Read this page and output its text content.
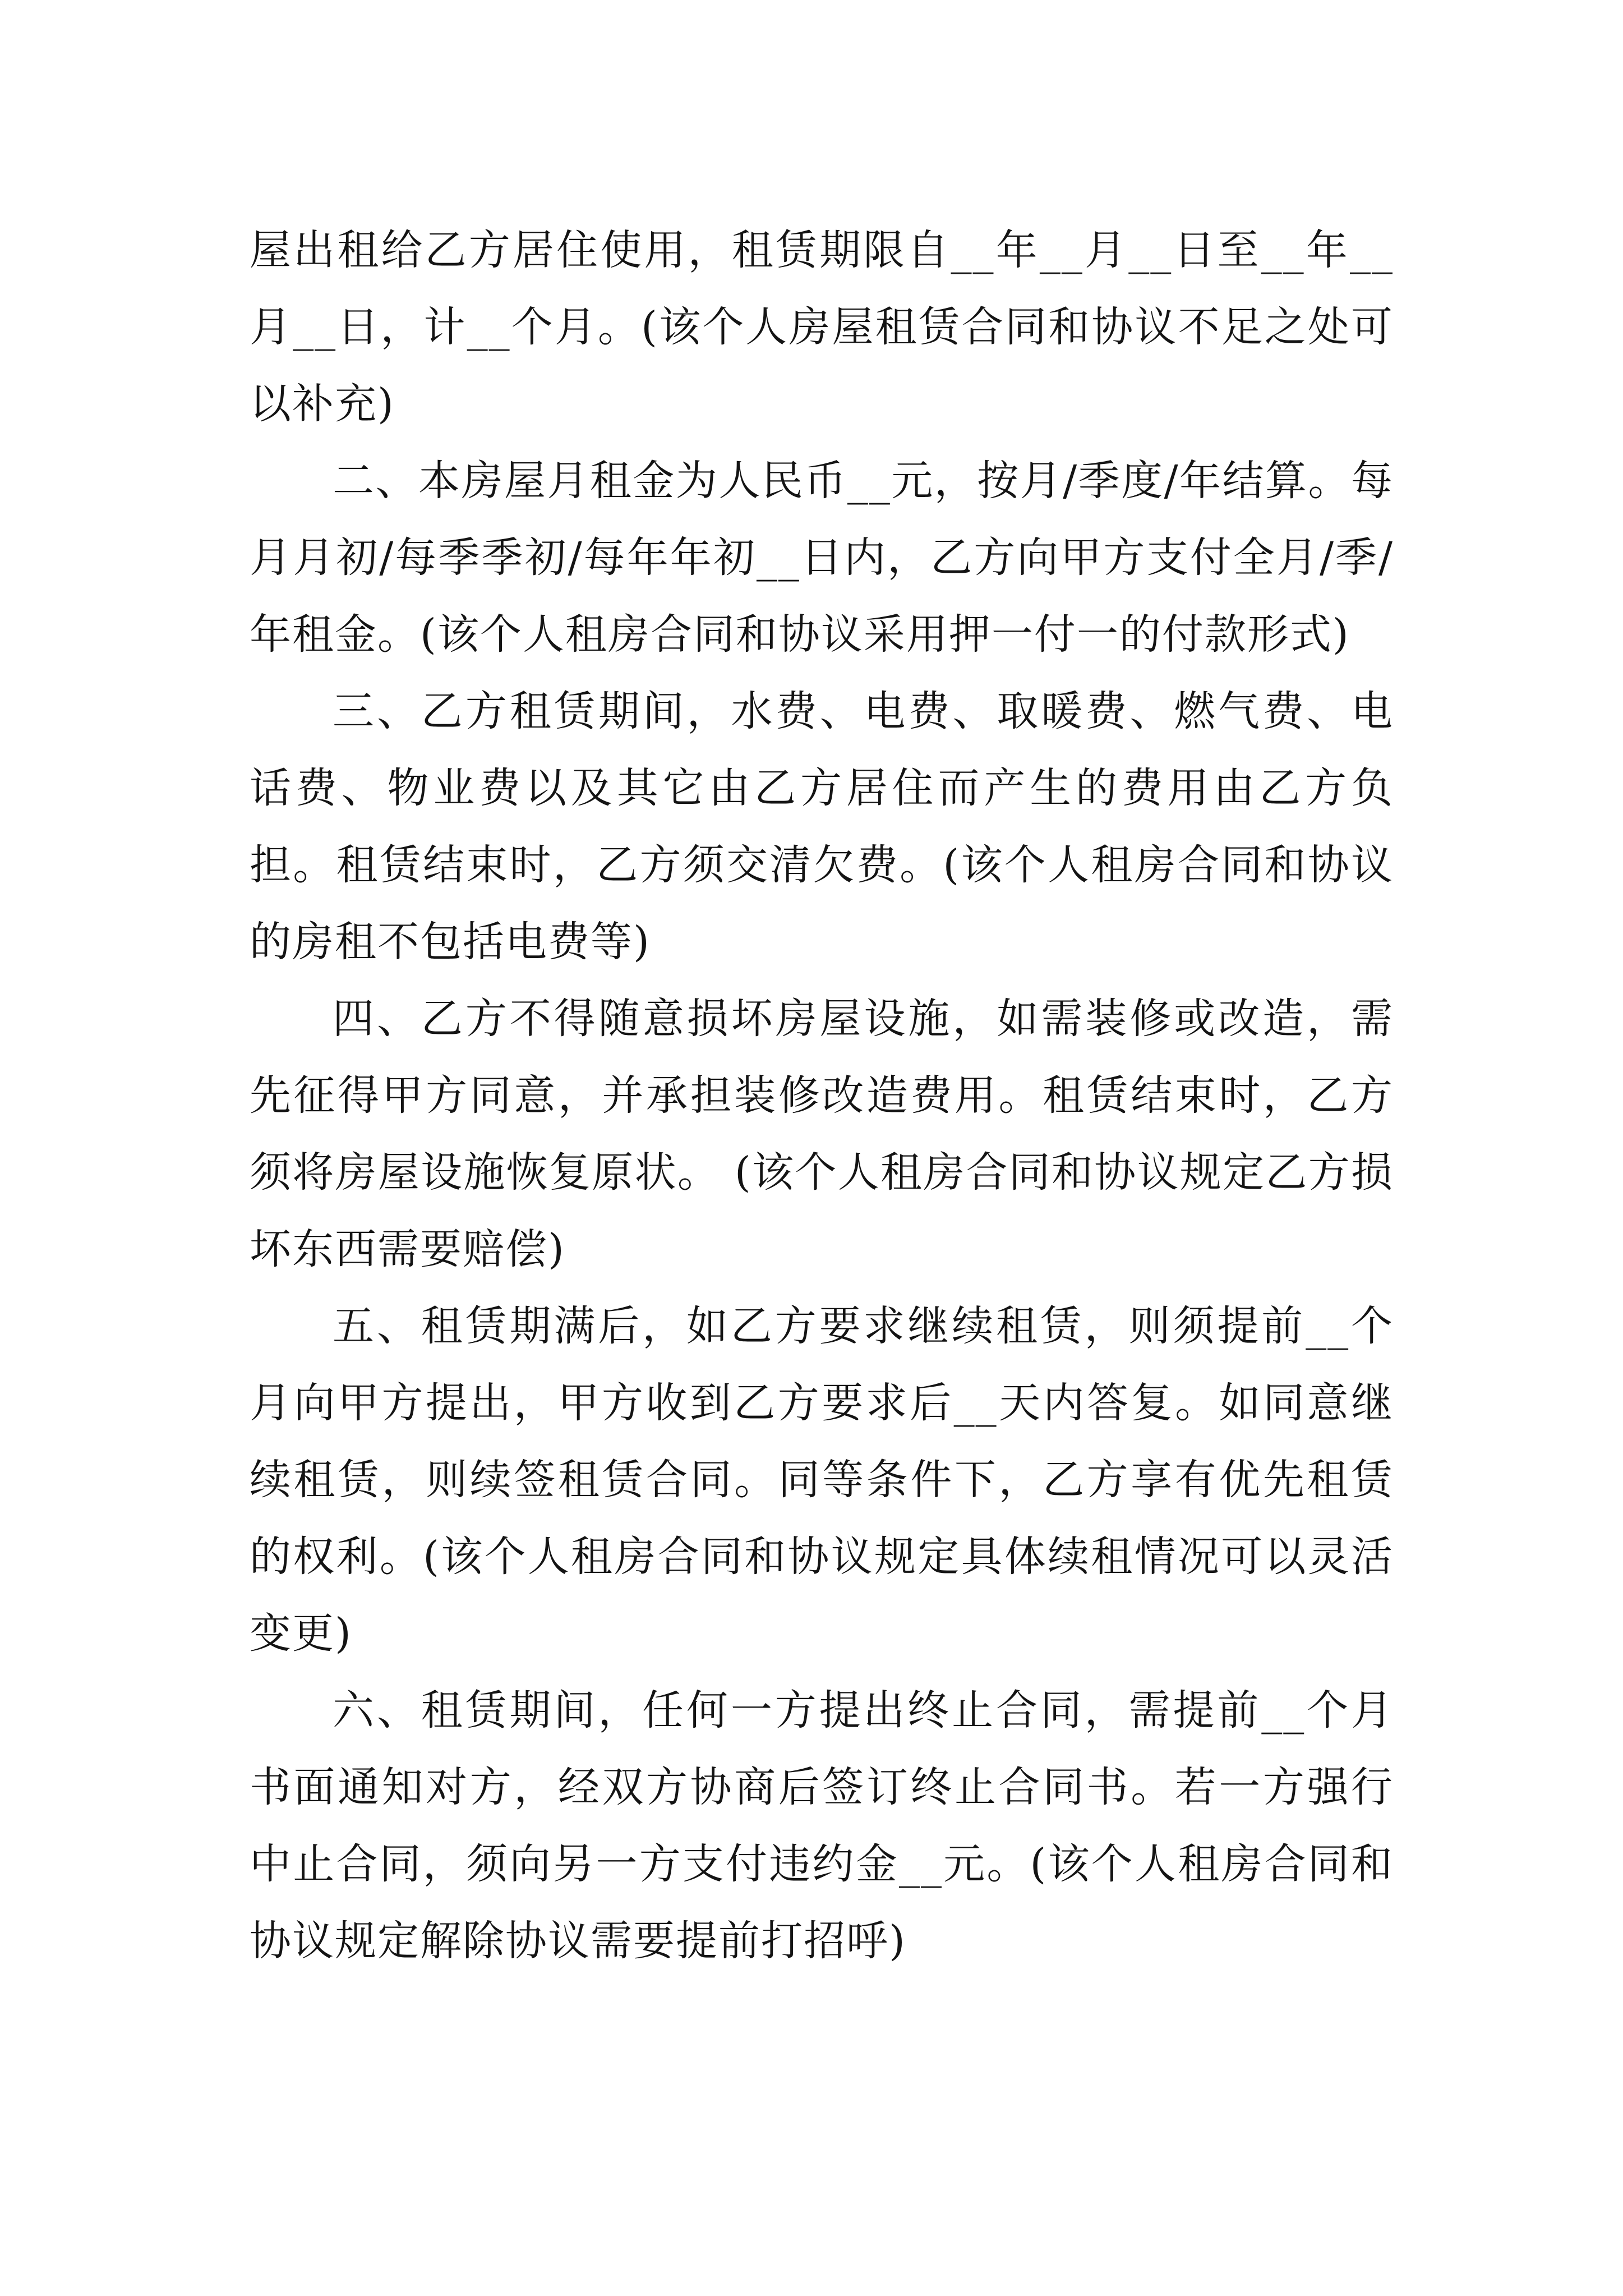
屋出租给乙方居住使用，租赁期限自__年__月__日至__年__月__日，计__个月。(该个人房屋租赁合同和协议不足之处可以补充)

二、本房屋月租金为人民币__元，按月/季度/年结算。每月月初/每季季初/每年年初__日内，乙方向甲方支付全月/季/年租金。(该个人租房合同和协议采用押一付一的付款形式)

三、乙方租赁期间，水费、电费、取暖费、燃气费、电话费、物业费以及其它由乙方居住而产生的费用由乙方负担。租赁结束时，乙方须交清欠费。(该个人租房合同和协议的房租不包括电费等)

四、乙方不得随意损坏房屋设施，如需装修或改造，需先征得甲方同意，并承担装修改造费用。租赁结束时，乙方须将房屋设施恢复原状。 (该个人租房合同和协议规定乙方损坏东西需要赔偿)

五、租赁期满后，如乙方要求继续租赁，则须提前__个月向甲方提出，甲方收到乙方要求后__天内答复。如同意继续租赁，则续签租赁合同。同等条件下，乙方享有优先租赁的权利。(该个人租房合同和协议规定具体续租情况可以灵活变更)

六、租赁期间，任何一方提出终止合同，需提前__个月书面通知对方，经双方协商后签订终止合同书。若一方强行中止合同，须向另一方支付违约金__元。(该个人租房合同和协议规定解除协议需要提前打招呼)
